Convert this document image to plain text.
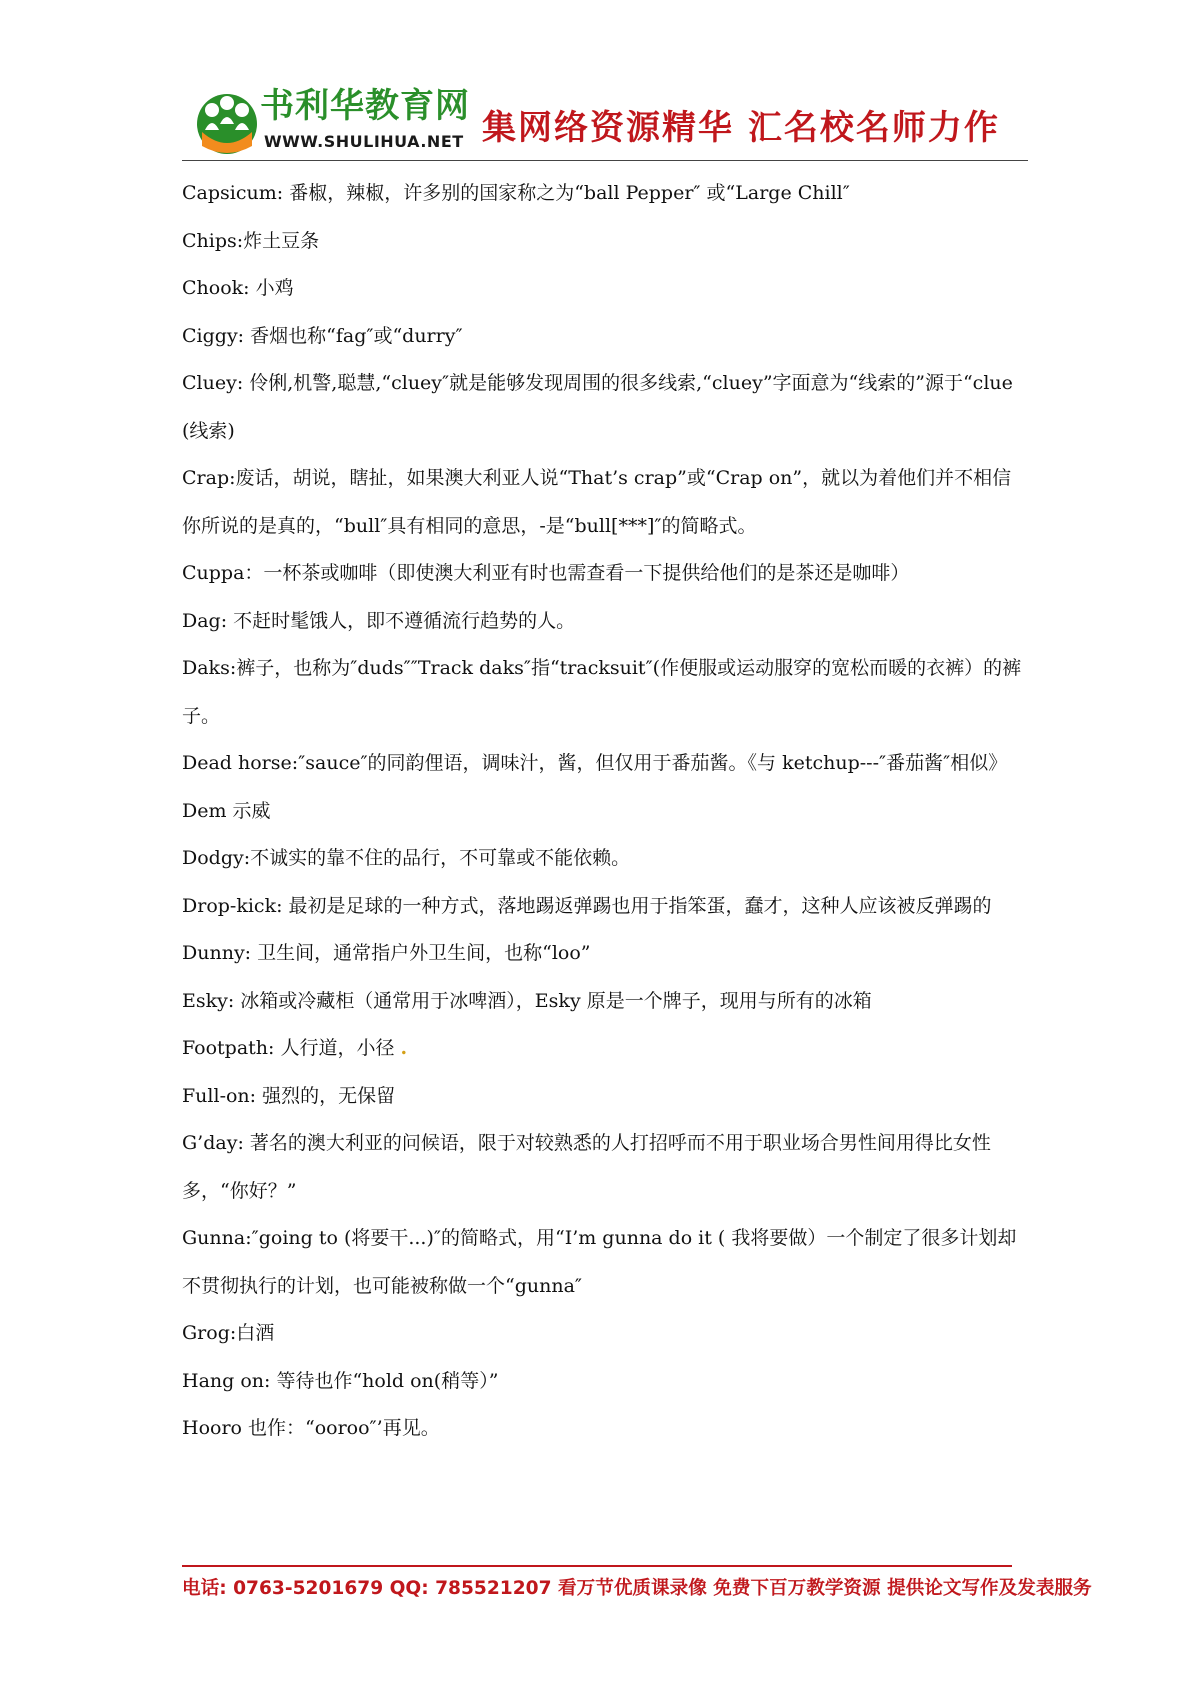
书利华教育网
WWW.SHULIHUA.NET 集网络资源精华 汇名校名师力作

Capsicum: 番椒，辣椒，许多别的国家称之为“ball Pepper″ 或“Large Chill″

Chips:炸土豆条

Chook: 小鸡

Ciggy: 香烟也称“fag″或“durry″

Cluey: 伶俐,机警,聪慧,“cluey″就是能够发现周围的很多线索,“cluey”字面意为“线索的”源于“clue(线索)

Crap:废话，胡说，瞎扯，如果澳大利亚人说“That’s crap”或“Crap on”，就以为着他们并不相信你所说的是真的，“bull″具有相同的意思，-是“bull[***]″的简略式。

Cuppa：一杯茶或咖啡（即使澳大利亚有时也需查看一下提供给他们的是茶还是咖啡）

Dag: 不赶时髦饿人，即不遵循流行趋势的人。

Daks:裤子，也称为″duds″″Track daks″指“tracksuit″(作便服或运动服穿的宽松而暖的衣裤）的裤子。

Dead horse:″sauce″的同韵俚语，调味汁，酱，但仅用于番茄酱。《与 ketchup---″番茄酱″相似》

Dem 示威

Dodgy:不诚实的靠不住的品行，不可靠或不能依赖。

Drop-kick: 最初是足球的一种方式，落地踢返弹踢也用于指笨蛋，蠢才，这种人应该被反弹踢的

Dunny: 卫生间，通常指户外卫生间，也称“loo”

Esky: 冰箱或冷藏柜（通常用于冰啤酒），Esky 原是一个牌子，现用与所有的冰箱

Footpath: 人行道，小径 .

Full-on: 强烈的，无保留

G’day: 著名的澳大利亚的问候语，限于对较熟悉的人打招呼而不用于职业场合男性间用得比女性多，“你好？”

Gunna:″going to (将要干...)″的简略式，用“I’m gunna do it ( 我将要做）一个制定了很多计划却不贯彻执行的计划，也可能被称做一个“gunna″

Grog:白酒

Hang on: 等待也作“hold on(稍等）”

Hooro 也作：“ooroo″’再见。

电话: 0763-5201679 QQ: 785521207 看万节优质课录像 免费下百万教学资源 提供论文写作及发表服务
